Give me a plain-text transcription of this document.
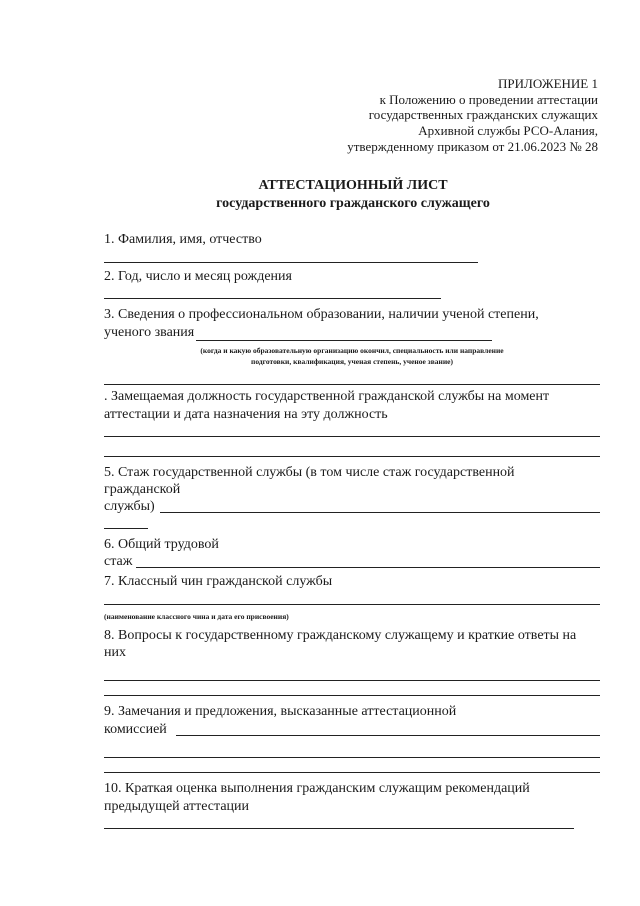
ПРИЛОЖЕНИЕ 1
к Положению о проведении аттестации
государственных гражданских служащих
Архивной службы РСО-Алания,
утвержденному приказом от 21.06.2023 № 28
АТТЕСТАЦИОННЫЙ ЛИСТ
государственного гражданского служащего
1. Фамилия, имя, отчество
2. Год, число и месяц рождения
3. Сведения о профессиональном образовании, наличии ученой степени,
ученого звания
(когда и какую образовательную организацию окончил, специальность или направление
подготовки, квалификация, ученая степень, ученое звание)
. Замещаемая должность государственной гражданской службы на момент
аттестации и дата назначения на эту должность
5. Стаж государственной службы (в том числе стаж государственной
гражданской
службы)
6. Общий трудовой
стаж
7. Классный чин гражданской службы
(наименование классного чина и дата его присвоения)
8. Вопросы к государственному гражданскому служащему и краткие ответы на
них
9. Замечания и предложения, высказанные аттестационной
комиссией
10. Краткая оценка выполнения гражданским служащим рекомендаций
предыдущей аттестации
